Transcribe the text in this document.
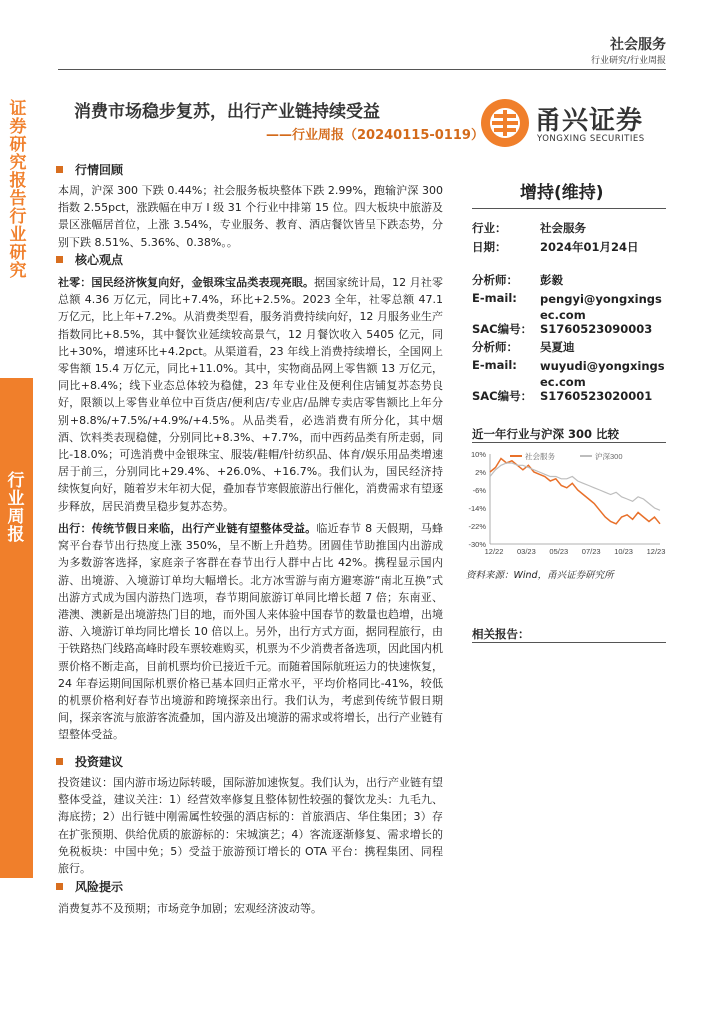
社会服务
行业研究/行业周报
证券研究报告 行业研究
行业周报
消费市场稳步复苏，出行产业链持续受益
——行业周报（20240115-0119） 甬兴证券
YONGXING SECURITIES
行情回顾

本周，沪深 300 下跌 0.44%；社会服务板块整体下跌 2.99%，跑输沪深 300 指数 2.55pct，涨跌幅在申万 I 级 31 个行业中排第 15 位。四大板块中旅游及景区涨幅居首位，上涨 3.54%，专业服务、教育、酒店餐饮皆呈下跌态势，分别下跌 8.51%、5.36%、0.38%。。

核心观点

社零：国民经济恢复向好，金银珠宝品类表现亮眼。据国家统计局，12 月社零总额 4.36 万亿元，同比+7.4%，环比+2.5%。2023 全年，社零总额 47.1 万亿元，比上年+7.2%。从消费类型看，服务消费持续向好，12 月服务业生产指数同比+8.5%，其中餐饮业延续较高景气，12 月餐饮收入 5405 亿元，同比+30%，增速环比+4.2pct。从渠道看，23 年线上消费持续增长，全国网上零售额 15.4 万亿元，同比+11.0%。其中，实物商品网上零售额 13 万亿元，同比+8.4%；线下业态总体较为稳健，23 年专业住及便利住店铺复苏态势良好，限额以上零售业单位中百货店/便利店/专业店/品牌专卖店零售额比上年分别+8.8%/+7.5%/+4.9%/+4.5%。从品类看，必选消费有所分化，其中烟酒、饮料类表现稳健，分别同比+8.3%、+7.7%，而中西药品类有所走弱，同比-18.0%；可选消费中金银珠宝、服装/鞋帽/针纺织品、体育/娱乐用品类增速居于前三，分别同比+29.4%、+26.0%、+16.7%。我们认为，国民经济持续恢复向好，随着岁末年初大促，叠加春节寒假旅游出行催化，消费需求有望逐步释放，居民消费呈稳步复苏态势。

出行：传统节假日来临，出行产业链有望整体受益。临近春节 8 天假期，马蜂窝平台春节出行热度上涨 350%，呈不断上升趋势。团圆佳节助推国内出游成为多数游客选择，家庭亲子客群在春节出行人群中占比 42%。携程显示国内游、出境游、入境游订单均大幅增长。北方冰雪游与南方避寒游“南北互换”式出游方式成为国内游热门选项，春节期间旅游订单同比增长超 7 倍；东南亚、港澳、澳新是出境游热门目的地，而外国人来体验中国春节的数量也趋增，出境游、入境游订单均同比增长 10 倍以上。另外，出行方式方面，据同程旅行，由于铁路热门线路高峰时段车票较难购买，机票为不少消费者备选项，因此国内机票价格不断走高，目前机票均价已接近千元。而随着国际航班运力的快速恢复，24 年春运期间国际机票价格已基本回归正常水平，平均价格同比-41%，较低的机票价格利好春节出境游和跨境探亲出行。我们认为，考虑到传统节假日期间，探亲客流与旅游客流叠加，国内游及出境游的需求或将增长，出行产业链有望整体受益。

投资建议

投资建议：国内游市场边际转暖，国际游加速恢复。我们认为，出行产业链有望整体受益，建议关注：1）经营效率修复且整体韧性较强的餐饮龙头：九毛九、海底捞；2）出行链中刚需属性较强的酒店标的：首旅酒店、华住集团；3）存在扩张预期、供给优质的旅游标的：宋城演艺；4）客流逐渐修复、需求增长的免税板块：中国中免；5）受益于旅游预订增长的 OTA 平台：携程集团、同程旅行。

风险提示

消费复苏不及预期；市场竞争加剧；宏观经济波动等。

增持(维持)
行业：	社会服务
日期：	2024年01月24日
分析师： 彭毅
E-mail: pengyi@yongxingsec.com
SAC编号： S1760523090003
分析师： 吴夏迪
E-mail: wuyudi@yongxingsec.com
SAC编号： S1760523020001
近一年行业与沪深 300 比较
10%
2%
-6%
-14%
-22%
-30%
12/22 03/23 05/23 07/23 10/23 12/23
社会服务	沪深300
资料来源：Wind，甬兴证券研究所
相关报告：
